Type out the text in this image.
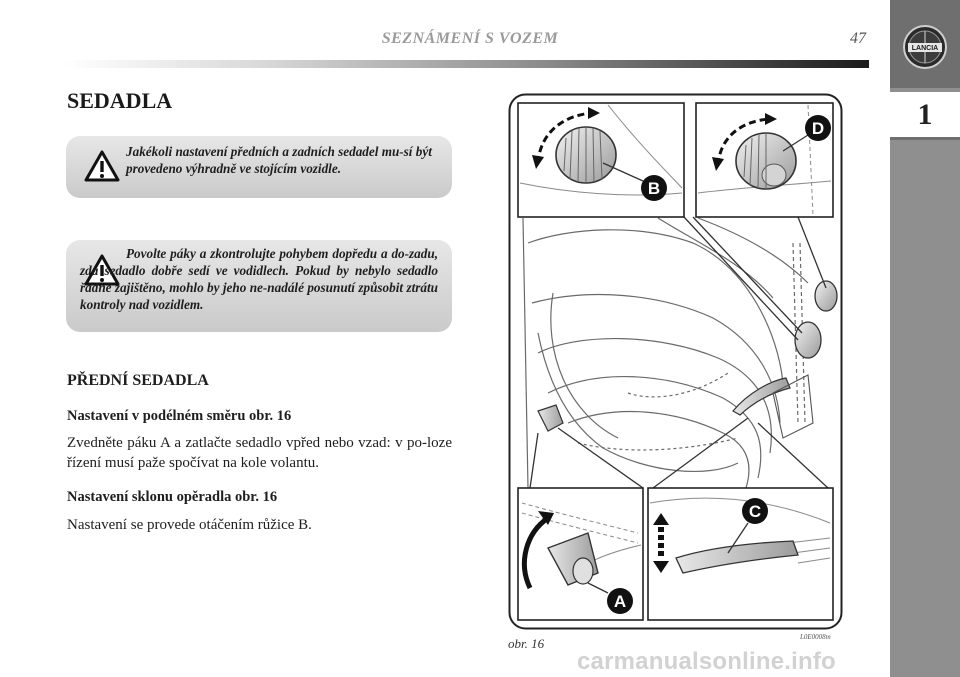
SEZNÁMENÍ S VOZEM	47
LANCIA
1
SEDADLA
Jakékoli nastavení předních a zadních sedadel mu-sí být provedeno výhradně ve stojícím vozidle.
Povolte páky a zkontrolujte pohybem dopředu a do-zadu, zda sedadlo dobře sedí ve vodidlech. Pokud by nebylo sedadlo řádně zajištěno, mohlo by jeho ne-nadálé posunutí způsobit ztrátu kontroly nad vozidlem.
PŘEDNÍ SEDADLA
Nastavení v podélném směru obr. 16
Zvedněte páku A a zatlačte sedadlo vpřed nebo vzad: v po-loze řízení musí paže spočívat na kole volantu.
Nastavení sklonu opěradla obr. 16
Nastavení se provede otáčením růžice B.
B
D
A
C
obr. 16	L0E0008m
carmanualsonline.info
